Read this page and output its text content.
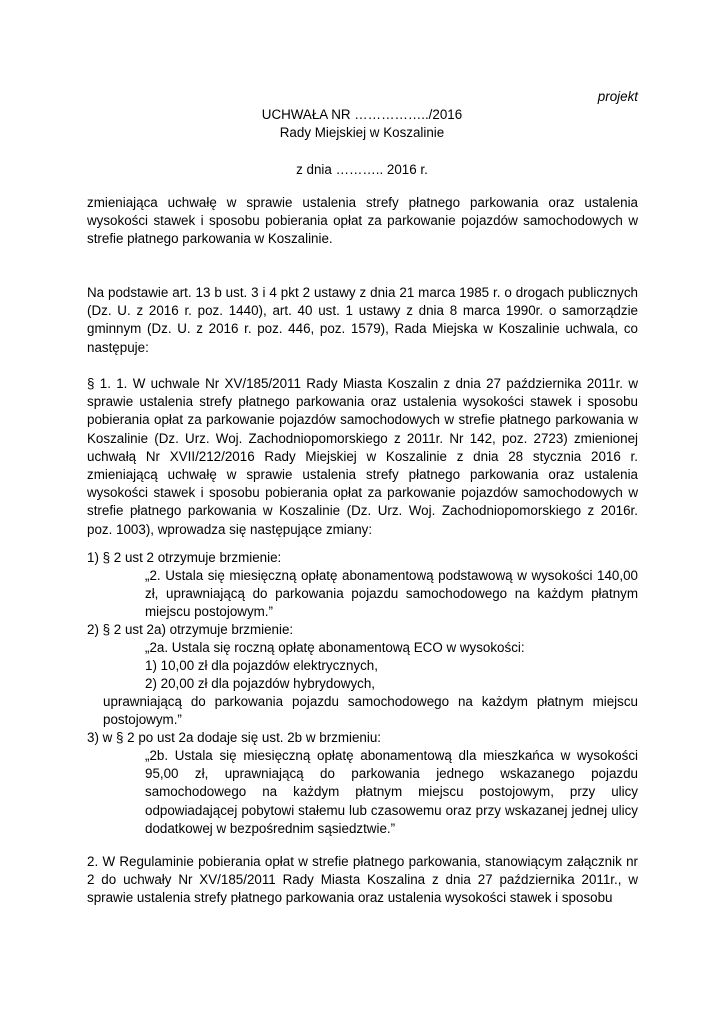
projekt
UCHWAŁA NR ……………../2016
Rady Miejskiej w Koszalinie
z dnia ……….. 2016 r.
zmieniająca uchwałę w sprawie ustalenia strefy płatnego parkowania oraz ustalenia wysokości stawek i sposobu pobierania opłat za parkowanie pojazdów samochodowych w strefie płatnego parkowania w Koszalinie.
Na podstawie art. 13 b ust. 3 i 4 pkt 2 ustawy z dnia 21 marca 1985 r. o drogach publicznych (Dz. U. z 2016 r. poz. 1440), art. 40 ust. 1 ustawy z dnia 8 marca 1990r. o samorządzie gminnym (Dz. U. z 2016 r. poz. 446, poz. 1579), Rada Miejska w Koszalinie uchwala, co następuje:
§ 1. 1. W uchwale Nr XV/185/2011 Rady Miasta Koszalin z dnia 27 października 2011r. w sprawie ustalenia strefy płatnego parkowania oraz ustalenia wysokości stawek i sposobu pobierania opłat za parkowanie pojazdów samochodowych w strefie płatnego parkowania w Koszalinie (Dz. Urz. Woj. Zachodniopomorskiego z 2011r. Nr 142, poz. 2723) zmienionej uchwałą Nr XVII/212/2016 Rady Miejskiej w Koszalinie z dnia 28 stycznia 2016 r. zmieniającą uchwałę w sprawie ustalenia strefy płatnego parkowania oraz ustalenia wysokości stawek i sposobu pobierania opłat za parkowanie pojazdów samochodowych w strefie płatnego parkowania w Koszalinie (Dz. Urz. Woj. Zachodniopomorskiego z 2016r. poz. 1003), wprowadza się następujące zmiany:
1) § 2 ust 2 otrzymuje brzmienie:
„2. Ustala się miesięczną opłatę abonamentową podstawową w wysokości 140,00 zł, uprawniającą do parkowania pojazdu samochodowego na każdym płatnym miejscu postojowym.”
2) § 2 ust 2a) otrzymuje brzmienie:
„2a. Ustala się roczną opłatę abonamentową ECO w wysokości:
1) 10,00 zł dla pojazdów elektrycznych,
2) 20,00 zł dla pojazdów hybrydowych,
uprawniającą do parkowania pojazdu samochodowego na każdym płatnym miejscu postojowym.”
3) w § 2 po ust 2a dodaje się ust. 2b w brzmieniu:
„2b. Ustala się miesięczną opłatę abonamentową dla mieszkańca w wysokości 95,00 zł, uprawniającą do parkowania jednego wskazanego pojazdu samochodowego na każdym płatnym miejscu postojowym, przy ulicy odpowiadającej pobytowi stałemu lub czasowemu oraz przy wskazanej jednej ulicy dodatkowej w bezpośrednim sąsiedztwie.”
2. W Regulaminie pobierania opłat w strefie płatnego parkowania, stanowiącym załącznik nr 2 do uchwały Nr XV/185/2011 Rady Miasta Koszalina z dnia 27 października 2011r., w sprawie ustalenia strefy płatnego parkowania oraz ustalenia wysokości stawek i sposobu
